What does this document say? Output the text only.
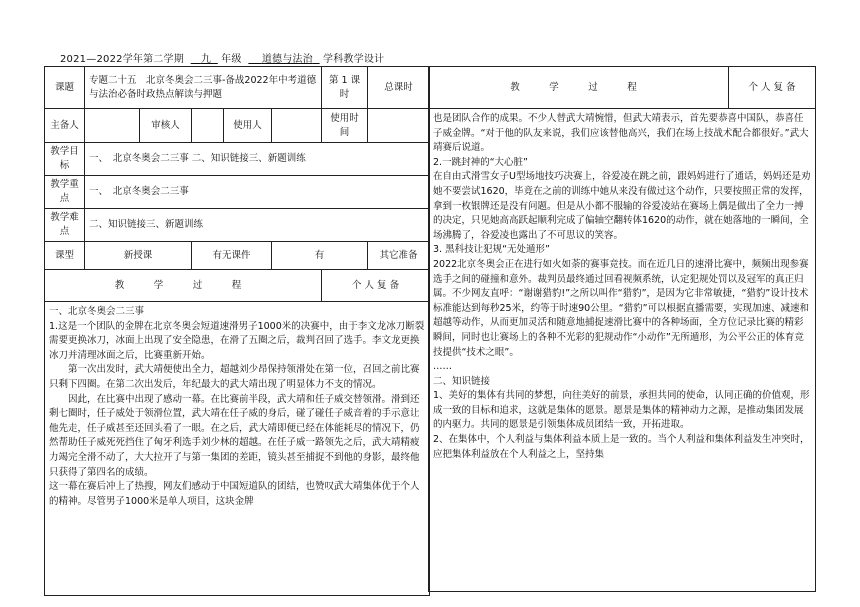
2021—2022学年第二学期 九 年级 道德与法治 学科教学设计
课题	专题二十五　北京冬奥会二三事-备战2022年中考道德与法治必备时政热点解读与押题					第 1 课时	总课时
主备人		审核人		使用人		使用时间	
教学目标	一、　北京冬奥会二三事 二、知识链接三、新题训练						
教学重点	一、　北京冬奥会二三事						
教学难点	二、知识链接三、新题训练						
课型	新授课		有无课件		有		其它准备
教　学　过　程						个 人 复 备	

一、北京冬奥会二三事

1.这是一个团队的金牌在北京冬奥会短道速滑男子1000米的决赛中，由于李文龙冰刀断裂需要更换冰刀，冰面上出现了安全隐患，在滑了五圈之后，裁判召回了选手。李文龙更换冰刀并清理冰面之后，比赛重新开始。

第一次出发时，武大靖便使出全力，超越刘少昂保持领滑处在第一位，召回之前比赛只剩下四圈。在第二次出发后，年纪最大的武大靖出现了明显体力不支的情况。

因此，在比赛中出现了感动一幕。在比赛前半段，武大靖和任子威交替领滑。滑到还剩七圈时，任子威处于领滑位置，武大靖在任子威的身后，碰了碰任子威音着的手示意让他先走，任子威甚至还回头看了一眼。在之后，武大靖即便已经在体能耗尽的情况下，仍然帮助任子威死死挡住了匈牙利选手刘少林的超越。在任子威一路领先之后，武大靖精疲力竭完全滑不动了，大大拉开了与第一集团的差距，镜头甚至捕捉不到他的身影，最终他只获得了第四名的成绩。

这一幕在赛后冲上了热搜，网友们感动于中国短道队的团结，也赞叹武大靖集体优于个人的精神。尽管男子1000米是单人项目，这块金牌							

教　学　过　程	个 人 复 备

也是团队合作的成果。不少人替武大靖惋惜，但武大靖表示，首先要恭喜中国队，恭喜任子威金牌。“对于他的队友来说，我们应该替他高兴，我们在场上技战术配合都很好。”武大靖赛后说道。

2.一跳封神的“大心脏”

在自由式滑雪女子U型场地技巧决赛上，谷爱凌在跳之前，跟妈妈进行了通话，妈妈还是劝她不要尝试1620，毕竟在之前的训练中她从来没有做过这个动作，只要按照正常的发挥，拿到一枚银牌还是没有问题。但是从小都不服输的谷爱凌站在赛场上偶是做出了全力一搏的决定，只见她高高跃起顺利完成了偏轴空翻转体1620的动作，就在她落地的一瞬间，全场沸腾了，谷爱凌也露出了不可思议的笑容。

3. 黑科技让犯规“无处遁形”

2022北京冬奥会正在进行如火如荼的赛事竞技。而在近几日的速滑比赛中，频频出现参赛选手之间的碰撞和意外。裁判员最终通过回看视频系统，认定犯规处罚以及冠军的真正归属。不少网友直呼：“谢谢猎豹!”之所以叫作“猎豹”，是因为它非常敏捷，“猎豹”设计技术标准能达到每秒25米，约等于时速90公里。“猎豹”可以根据直播需要，实现加速、减速和超越等动作，从而更加灵活和随意地捕捉速滑比赛中的各种场面，全方位记录比赛的精彩瞬间，同时也让赛场上的各种不光彩的犯规动作“小动作”无所遁形，为公平公正的体育竞技提供“技术之眼”。

……

二、知识链接

1、美好的集体有共同的梦想，向往美好的前景，承担共同的使命，认同正确的价值观，形成一致的目标和追求，这就是集体的愿景。愿景是集体的精神动力之源，是推动集团发展的内驱力。共同的愿景是引领集体成员团结一致，开拓进取。

2、在集体中，个人利益与集体利益本质上是一致的。当个人利益和集体利益发生冲突时，应把集体利益放在个人利益之上，坚持集
